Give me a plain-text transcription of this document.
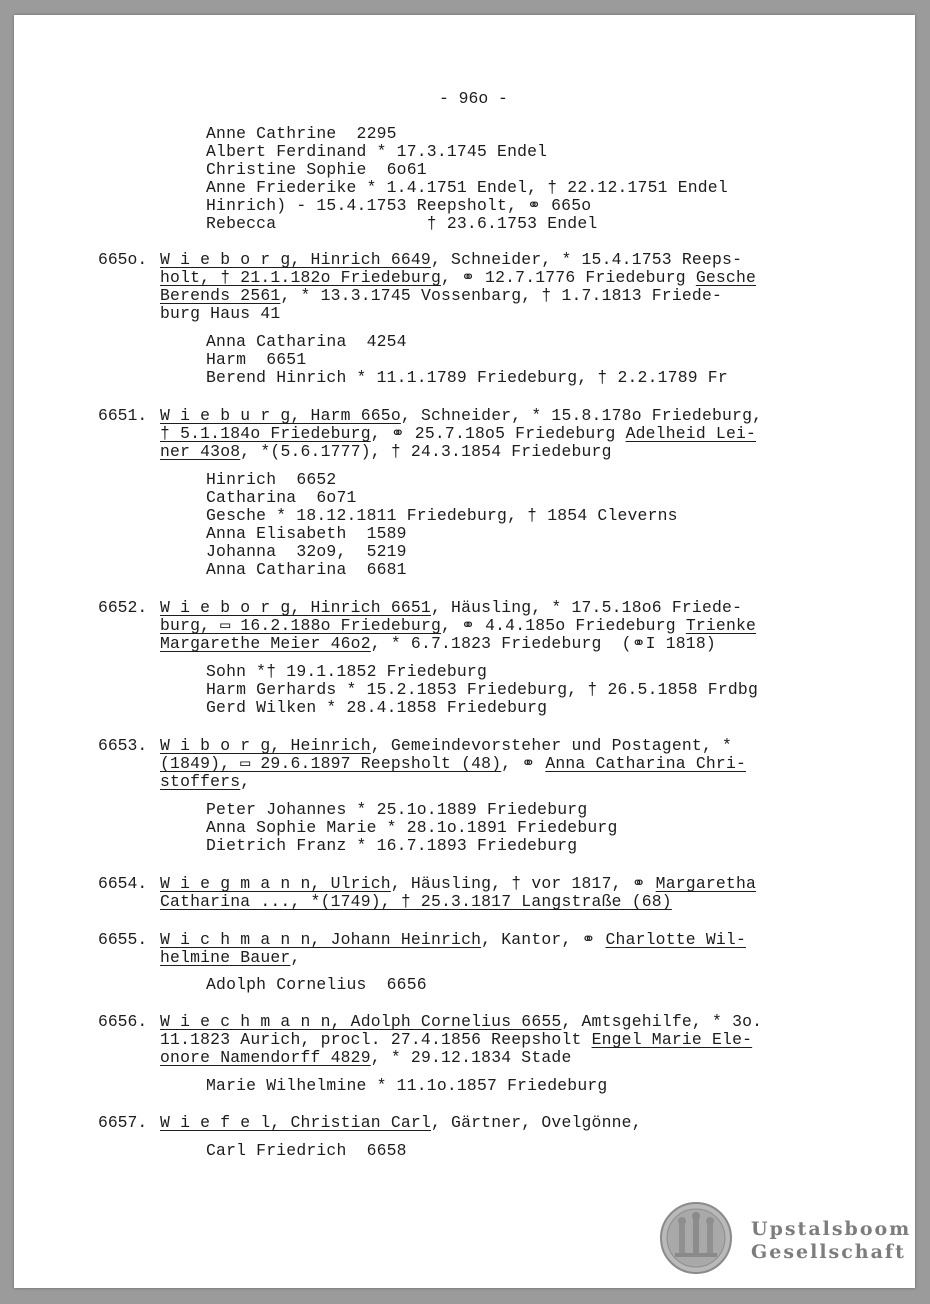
- 96o -
Anne Cathrine  2295
Albert Ferdinand * 17.3.1745 Endel
Christine Sophie  6o61
Anne Friederike * 1.4.1751 Endel, † 22.12.1751 Endel
Hinrich) - 15.4.1753 Reepsholt, ⚭ 665o
Rebecca               † 23.6.1753 Endel
665o. W i e b o r g, Hinrich 6649, Schneider, * 15.4.1753 Reeps-
holt, † 21.1.182o Friedeburg, ⚭ 12.7.1776 Friedeburg Gesche
Berends 2561, * 13.3.1745 Vossenbarg, † 1.7.1813 Friede-
burg Haus 41
Anna Catharina  4254
Harm  6651
Berend Hinrich * 11.1.1789 Friedeburg, † 2.2.1789 Fr
6651. W i e b u r g, Harm 665o, Schneider, * 15.8.178o Friedeburg,
† 5.1.184o Friedeburg, ⚭ 25.7.18o5 Friedeburg Adelheid Lei-
ner 43o8, *(5.6.1777), † 24.3.1854 Friedeburg
Hinrich  6652
Catharina  6o71
Gesche * 18.12.1811 Friedeburg, † 1854 Cleverns
Anna Elisabeth  1589
Johanna  32o9,  5219
Anna Catharina  6681
6652. W i e b o r g, Hinrich 6651, Häusling, * 17.5.18o6 Friede-
burg, ▭ 16.2.188o Friedeburg, ⚭ 4.4.185o Friedeburg Trienke
Margarethe Meier 46o2, * 6.7.1823 Friedeburg  (⚭I 1818)
Sohn *† 19.1.1852 Friedeburg
Harm Gerhards * 15.2.1853 Friedeburg, † 26.5.1858 Frdbg
Gerd Wilken * 28.4.1858 Friedeburg
6653. W i b o r g, Heinrich, Gemeindevorsteher und Postagent, *
(1849), ▭ 29.6.1897 Reepsholt (48), ⚭ Anna Catharina Chri-
stoffers,
Peter Johannes * 25.1o.1889 Friedeburg
Anna Sophie Marie * 28.1o.1891 Friedeburg
Dietrich Franz * 16.7.1893 Friedeburg
6654. W i e g m a n n, Ulrich, Häusling, † vor 1817, ⚭ Margaretha
Catharina ..., *(1749), † 25.3.1817 Langstraße (68)
6655. W i c h m a n n, Johann Heinrich, Kantor, ⚭ Charlotte Wil-
helmine Bauer,
Adolph Cornelius  6656
6656. W i e c h m a n n, Adolph Cornelius 6655, Amtsgehilfe, * 3o.
11.1823 Aurich, procl. 27.4.1856 Reepsholt Engel Marie Ele-
onore Namendorff 4829, * 29.12.1834 Stade
Marie Wilhelmine * 11.1o.1857 Friedeburg
6657. W i e f e l, Christian Carl, Gärtner, Ovelgönne,
Carl Friedrich  6658
Upstalsboom
Gesellschaft
